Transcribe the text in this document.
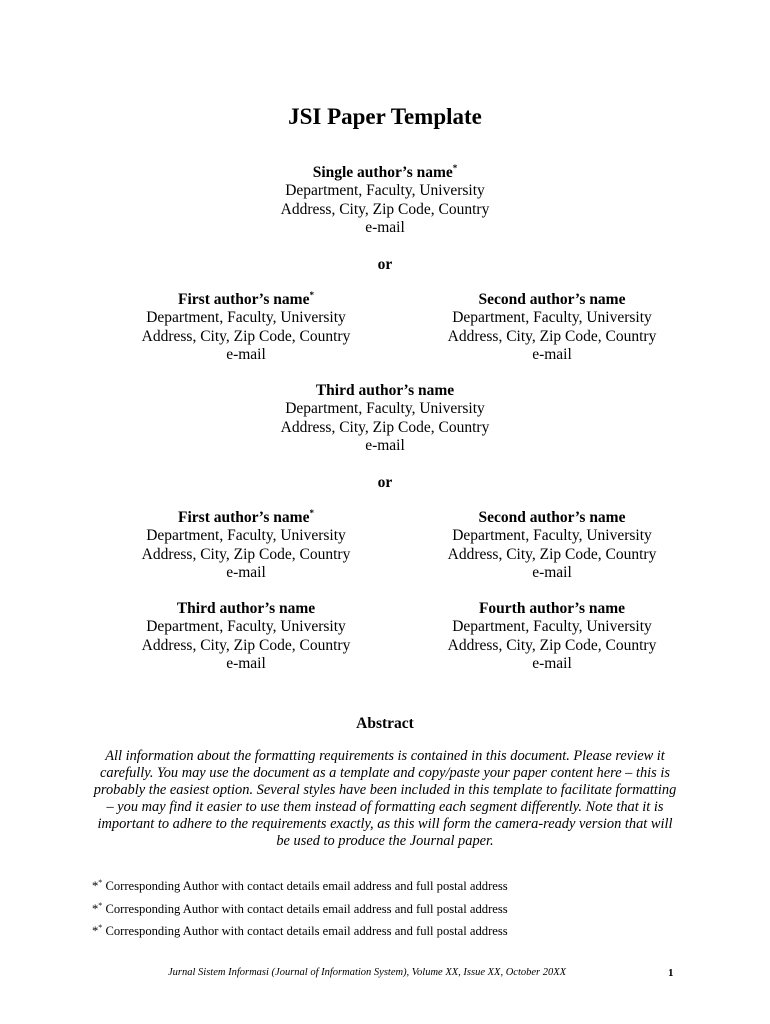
JSI Paper Template
Single author’s name*
Department, Faculty, University
Address, City, Zip Code, Country
e-mail
or
First author’s name*
Department, Faculty, University
Address, City, Zip Code, Country
e-mail
Second author’s name
Department, Faculty, University
Address, City, Zip Code, Country
e-mail
Third author’s name
Department, Faculty, University
Address, City, Zip Code, Country
e-mail
or
First author’s name*
Department, Faculty, University
Address, City, Zip Code, Country
e-mail
Second author’s name
Department, Faculty, University
Address, City, Zip Code, Country
e-mail
Third author’s name
Department, Faculty, University
Address, City, Zip Code, Country
e-mail
Fourth author’s name
Department, Faculty, University
Address, City, Zip Code, Country
e-mail
Abstract
All information about the formatting requirements is contained in this document. Please review it carefully. You may use the document as a template and copy/paste your paper content here – this is probably the easiest option. Several styles have been included in this template to facilitate formatting – you may find it easier to use them instead of formatting each segment differently. Note that it is important to adhere to the requirements exactly, as this will form the camera-ready version that will be used to produce the Journal paper.
** Corresponding Author with contact details email address and full postal address
** Corresponding Author with contact details email address and full postal address
** Corresponding Author with contact details email address and full postal address
Jurnal Sistem Informasi (Journal of Information System), Volume XX, Issue XX, October 20XX	1
